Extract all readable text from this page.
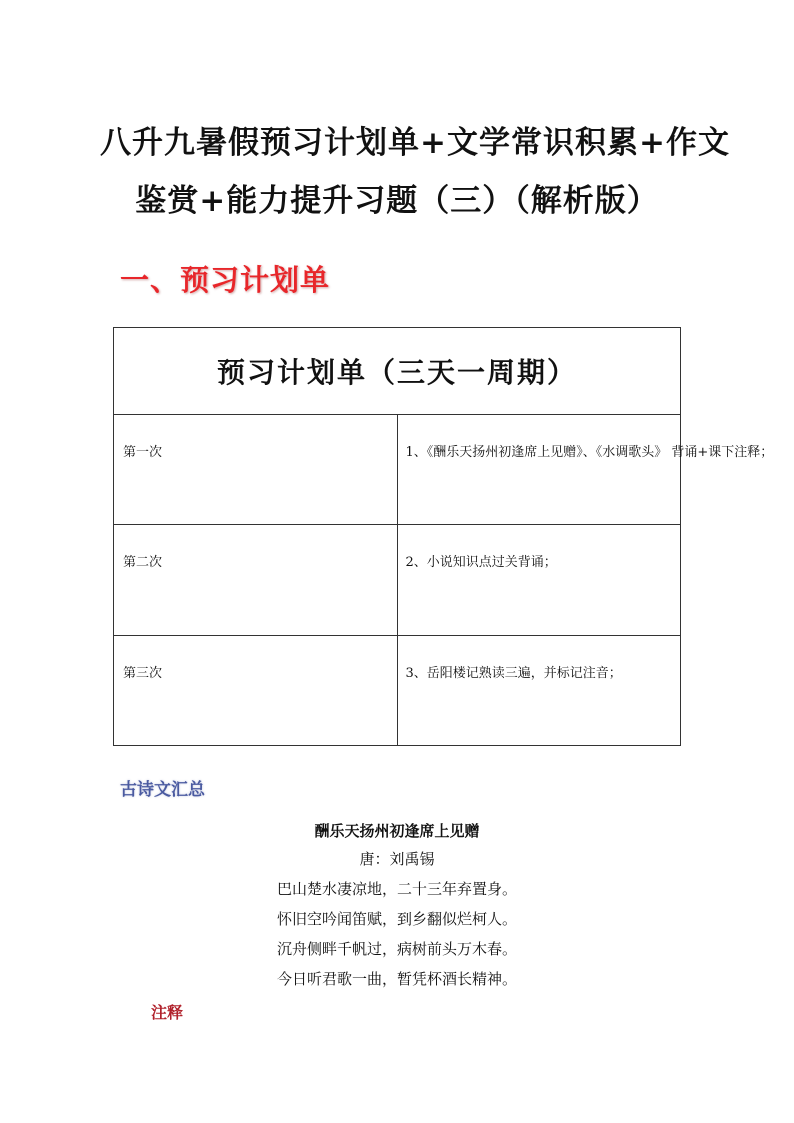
八升九暑假预习计划单+文学常识积累+作文
鉴赏+能力提升习题（三）（解析版）
一、预习计划单
预习计划单（三天一周期）	
第一次	1、《酬乐天扬州初逢席上见赠》、《水调歌头》 背诵+课下注释；
第二次	2、小说知识点过关背诵；
第三次	3、岳阳楼记熟读三遍，并标记注音；
古诗文汇总
酬乐天扬州初逢席上见赠
唐：刘禹锡
巴山楚水凄凉地，二十三年弃置身。
怀旧空吟闻笛赋，到乡翻似烂柯人。
沉舟侧畔千帆过，病树前头万木春。
今日听君歌一曲，暂凭杯酒长精神。
注释
